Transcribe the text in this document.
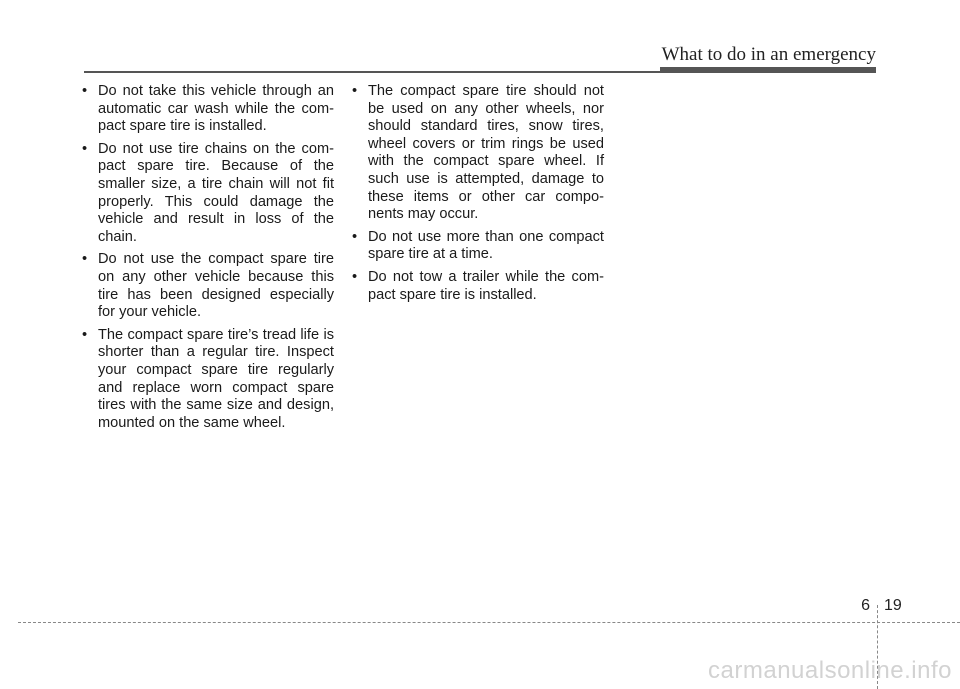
What to do in an emergency
• Do not take this vehicle through an automatic car wash while the compact spare tire is installed.
• Do not use tire chains on the compact spare tire. Because of the smaller size, a tire chain will not fit properly. This could damage the vehicle and result in loss of the chain.
• Do not use the compact spare tire on any other vehicle because this tire has been designed especially for your vehicle.
• The compact spare tire’s tread life is shorter than a regular tire. Inspect your compact spare tire regularly and replace worn compact spare tires with the same size and design, mounted on the same wheel.
• The compact spare tire should not be used on any other wheels, nor should standard tires, snow tires, wheel covers or trim rings be used with the compact spare wheel. If such use is attempted, damage to these items or other car components may occur.
• Do not use more than one compact spare tire at a time.
• Do not tow a trailer while the compact spare tire is installed.
6 19
carmanualsonline.info
